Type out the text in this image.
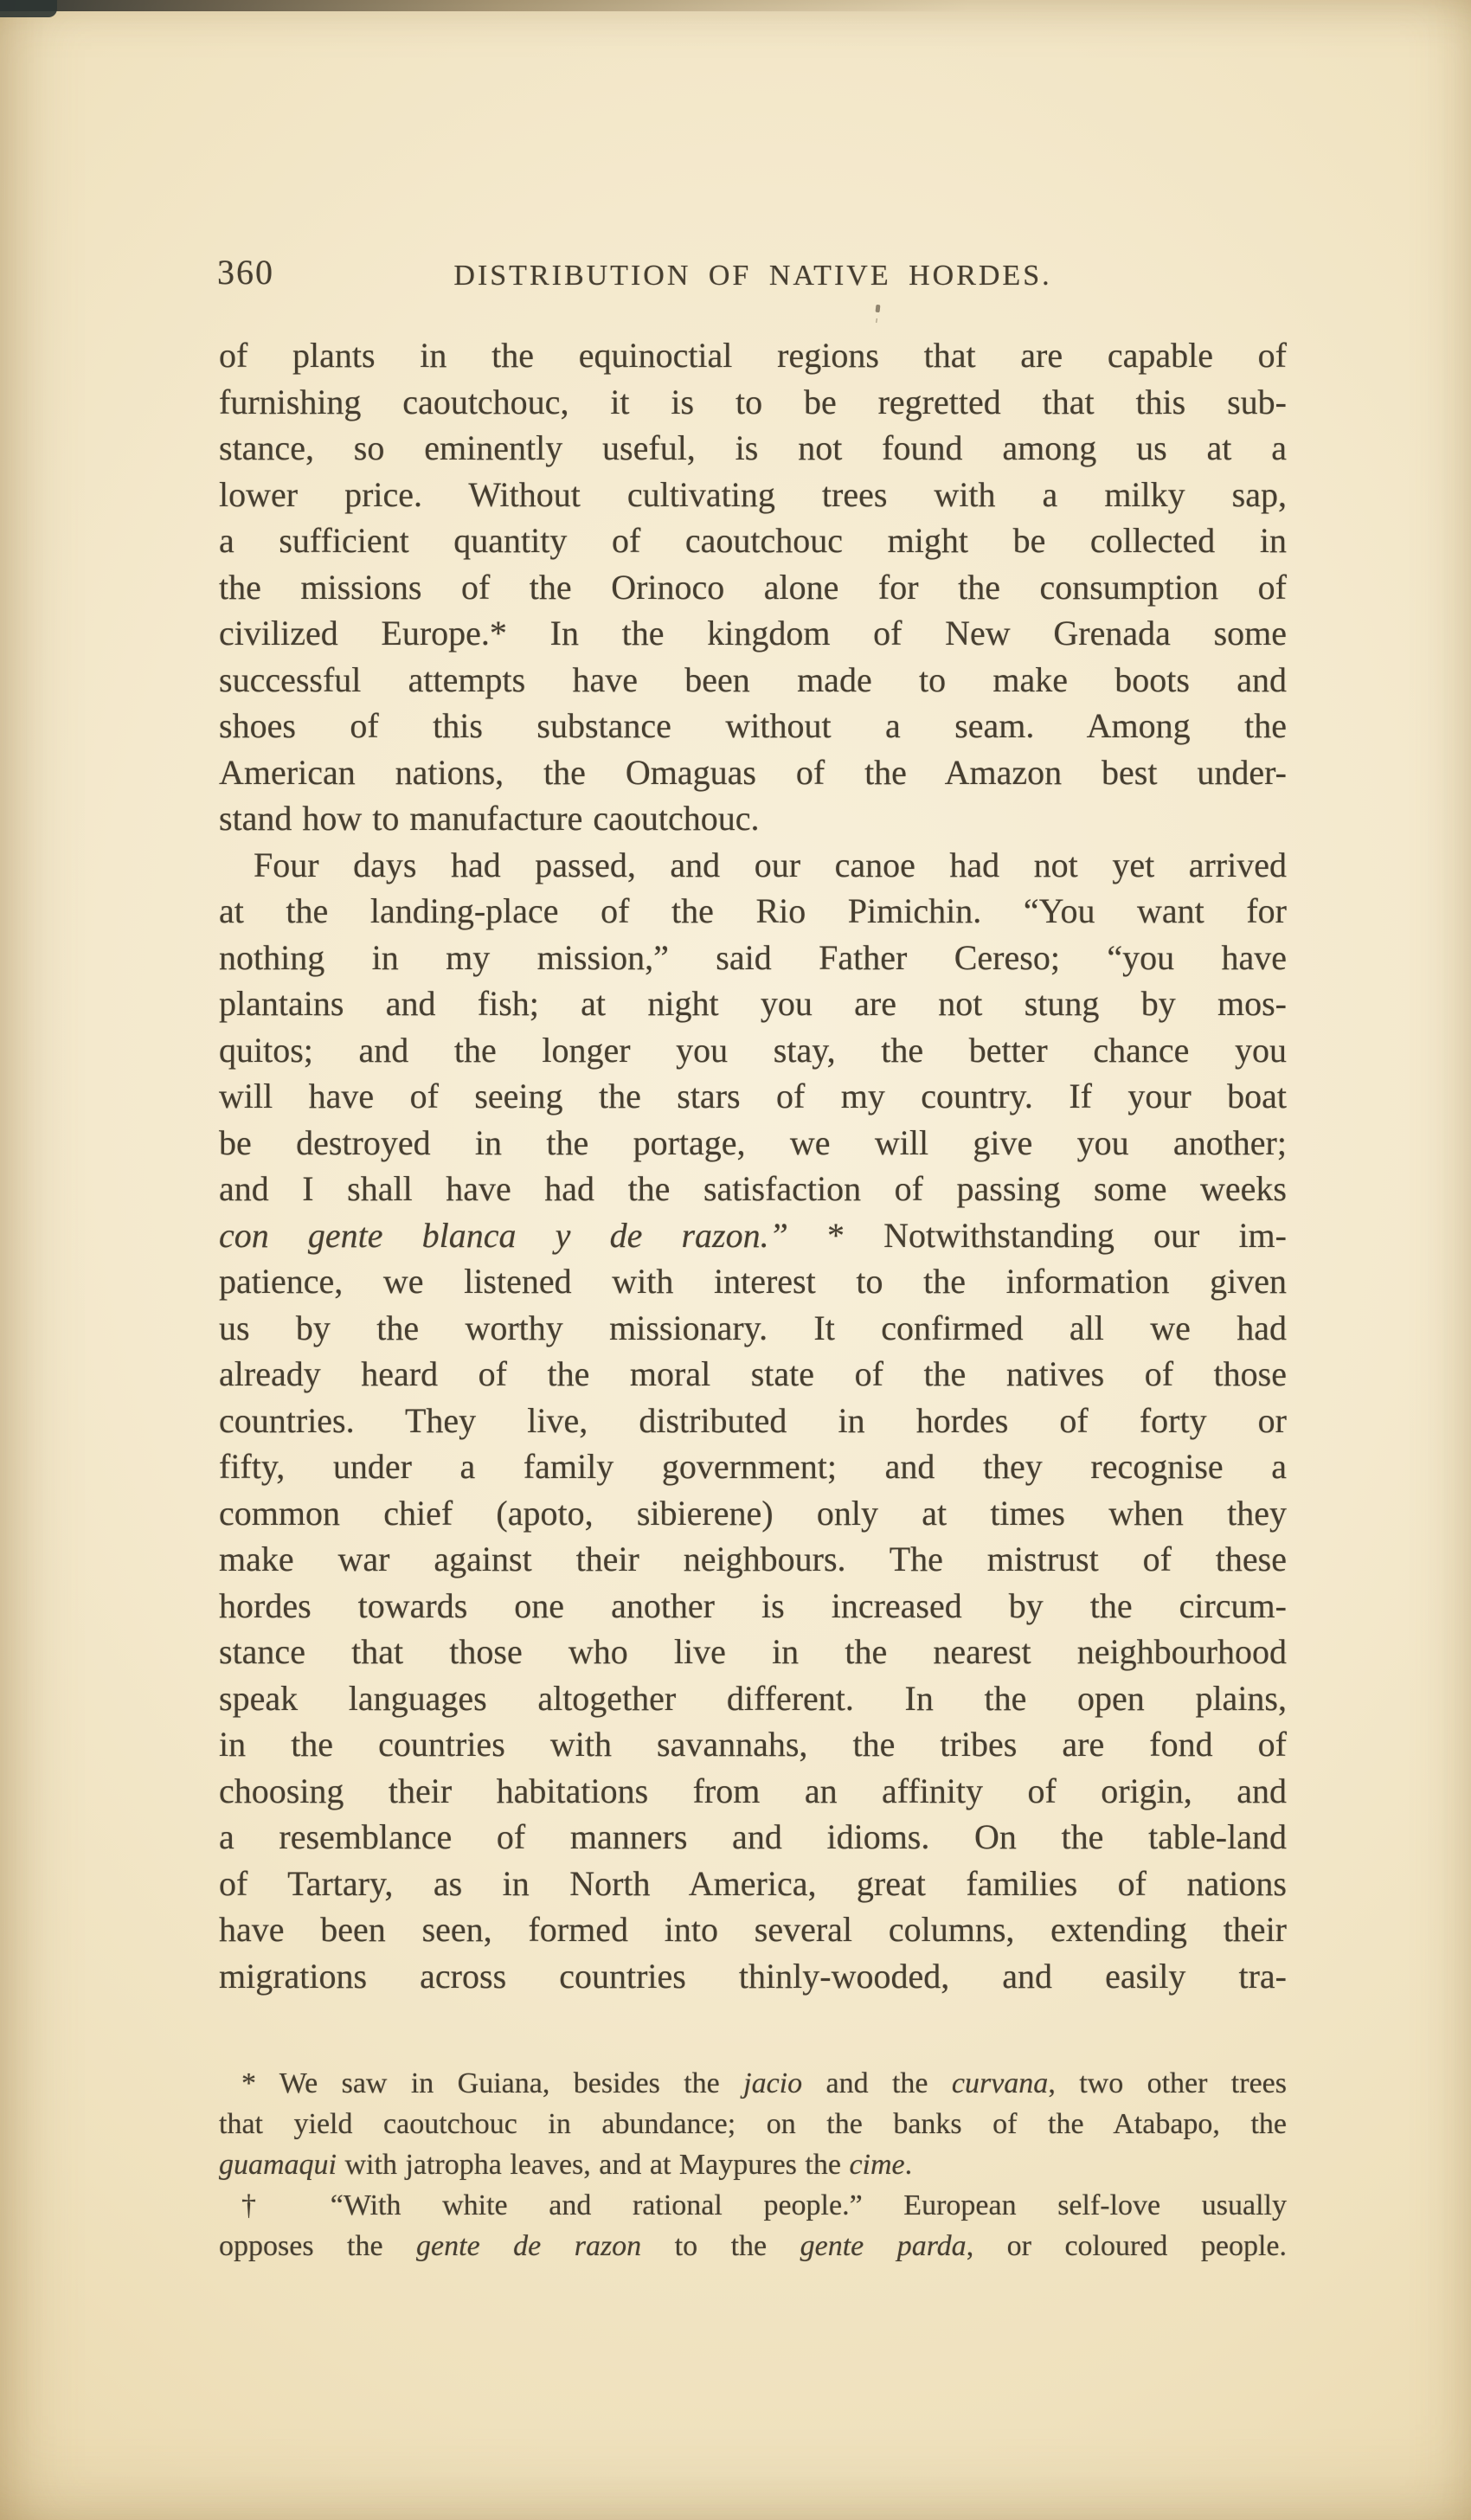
360	DISTRIBUTION OF NATIVE HORDES.
of plants in the equinoctial regions that are capable of
furnishing caoutchouc, it is to be regretted that this sub-
stance, so eminently useful, is not found among us at a
lower price. Without cultivating trees with a milky sap,
a sufficient quantity of caoutchouc might be collected in
the missions of the Orinoco alone for the consumption of
civilized Europe.* In the kingdom of New Grenada some
successful attempts have been made to make boots and
shoes of this substance without a seam. Among the
American nations, the Omaguas of the Amazon best under-
stand how to manufacture caoutchouc.
Four days had passed, and our canoe had not yet arrived
at the landing-place of the Rio Pimichin. “You want for
nothing in my mission,” said Father Cereso; “you have
plantains and fish; at night you are not stung by mos-
quitos; and the longer you stay, the better chance you
will have of seeing the stars of my country. If your boat
be destroyed in the portage, we will give you another;
and I shall have had the satisfaction of passing some weeks
con gente blanca y de razon.” * Notwithstanding our im-
patience, we listened with interest to the information given
us by the worthy missionary. It confirmed all we had
already heard of the moral state of the natives of those
countries. They live, distributed in hordes of forty or
fifty, under a family government; and they recognise a
common chief (apoto, sibierene) only at times when they
make war against their neighbours. The mistrust of these
hordes towards one another is increased by the circum-
stance that those who live in the nearest neighbourhood
speak languages altogether different. In the open plains,
in the countries with savannahs, the tribes are fond of
choosing their habitations from an affinity of origin, and
a resemblance of manners and idioms. On the table-land
of Tartary, as in North America, great families of nations
have been seen, formed into several columns, extending their
migrations across countries thinly-wooded, and easily tra-
* We saw in Guiana, besides the jacio and the curvana, two other trees
that yield caoutchouc in abundance; on the banks of the Atabapo, the
guamaqui with jatropha leaves, and at Maypures the cime.
† “With white and rational people.” European self-love usually
opposes the gente de razon to the gente parda, or coloured people.
